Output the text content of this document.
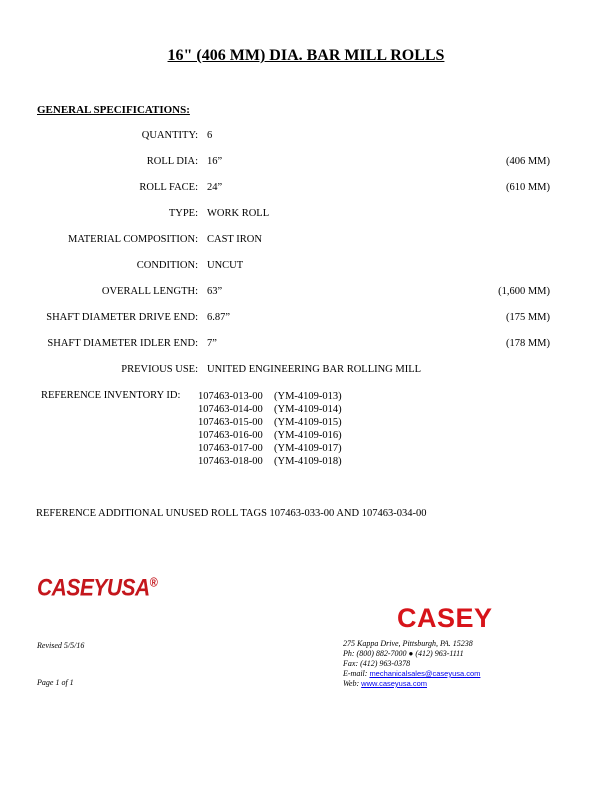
16" (406 MM) DIA. BAR MILL ROLLS
GENERAL SPECIFICATIONS:
QUANTITY: 6
ROLL DIA: 16”	(406 MM)
ROLL FACE: 24”	(610 MM)
TYPE: WORK ROLL
MATERIAL COMPOSITION: CAST IRON
CONDITION: UNCUT
OVERALL LENGTH: 63”	(1,600 MM)
SHAFT DIAMETER DRIVE END: 6.87”	(175 MM)
SHAFT DIAMETER IDLER END: 7”	(178 MM)
PREVIOUS USE: UNITED ENGINEERING BAR ROLLING MILL
REFERENCE INVENTORY ID: 107463-013-00 (YM-4109-013)
107463-014-00 (YM-4109-014)
107463-015-00 (YM-4109-015)
107463-016-00 (YM-4109-016)
107463-017-00 (YM-4109-017)
107463-018-00 (YM-4109-018)
REFERENCE ADDITIONAL UNUSED ROLL TAGS 107463-033-00 AND 107463-034-00
CASEYUSA®
CASEY
Revised 5/5/16
Page 1 of 1
275 Kappa Drive, Pittsburgh, PA. 15238
Ph: (800) 882-7000 ● (412) 963-1111
Fax: (412) 963-0378
E-mail: mechanicalsales@caseyusa.com
Web: www.caseyusa.com
